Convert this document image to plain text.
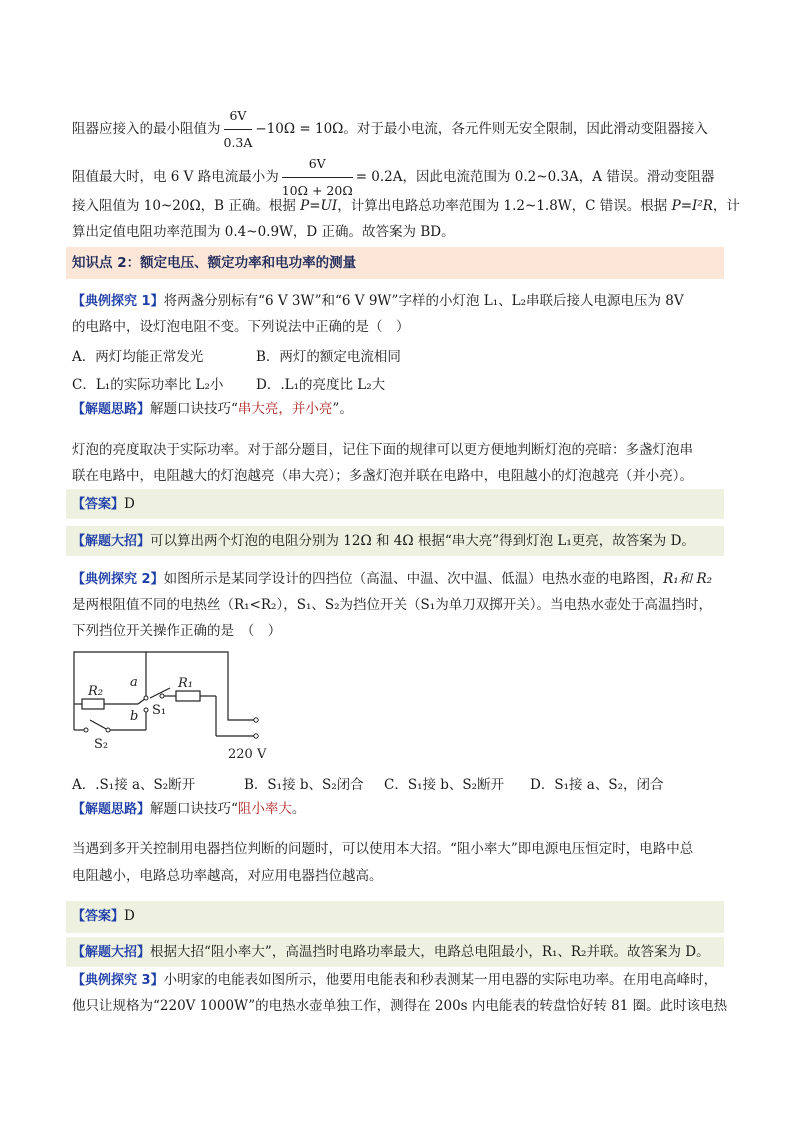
阻器应接入的最小阻值为 $\frac{6V}{0.3A} -10\Omega = 10\Omega$。对于最小电流，各元件则无安全限制，因此滑动变阻器接入
阻值最大时，电 6 V 路电流最小为 $\frac{6V}{10\Omega + 20\Omega} = 0.2A$，因此电流范围为 0.2~0.3A，A 错误。滑动变阻器
接入阻值为 10~20Ω，B 正确。根据 P=UI，计算出电路总功率范围为 1.2~1.8W，C 错误。根据 P=I²R，计
算出定值电阻功率范围为 0.4~0.9W，D 正确。故答案为 BD。
知识点 2：额定电压、额定功率和电功率的测量
【典例探究 1】将两盏分别标有“6 V 3W”和“6 V 9W”字样的小灯泡 L₁、L₂串联后接人电源电压为 8V
的电路中，设灯泡电阻不变。下列说法中正确的是（　）
A．两灯均能正常发光	B．两灯的额定电流相同
C．L₁的实际功率比 L₂小 D．.L₁的亮度比 L₂大
【解题思路】解题口诀技巧“串大亮，并小亮”。
灯泡的亮度取决于实际功率。对于部分题目，记住下面的规律可以更方便地判断灯泡的亮暗：多盏灯泡串
联在电路中，电阻越大的灯泡越亮（串大亮）；多盏灯泡并联在电路中，电阻越小的灯泡越亮（并小亮）。
【答案】D
【解题大招】可以算出两个灯泡的电阻分别为 12Ω 和 4Ω 根据“串大亮”得到灯泡 L₁更亮，故答案为 D。
【典例探究 2】如图所示是某同学设计的四挡位（高温、中温、次中温、低温）电热水壶的电路图，R₁和 R₂
是两根阻值不同的电热丝（R₁<R₂），S₁、S₂为挡位开关（S₁为单刀双掷开关）。当电热水壶处于高温挡时，
下列挡位开关操作正确的是　（　）
R₂
R₁
a
b S₁
S₂
220 V
A．.S₁接 a、S₂断开	B．S₁接 b、S₂闭合 C．S₁接 b、S₂断开 D．S₁接 a、S₂，闭合
【解题思路】解题口诀技巧“阻小率大。
当遇到多开关控制用电器挡位判断的问题时，可以使用本大招。“阻小率大”即电源电压恒定时，电路中总
电阻越小，电路总功率越高，对应用电器挡位越高。
【答案】D
【解题大招】根据大招“阻小率大”，高温挡时电路功率最大，电路总电阻最小，R₁、R₂并联。故答案为 D。
【典例探究 3】小明家的电能表如图所示，他要用电能表和秒表测某一用电器的实际电功率。在用电高峰时，
他只让规格为“220V 1000W”的电热水壶单独工作，测得在 200s 内电能表的转盘恰好转 81 圈。此时该电热
